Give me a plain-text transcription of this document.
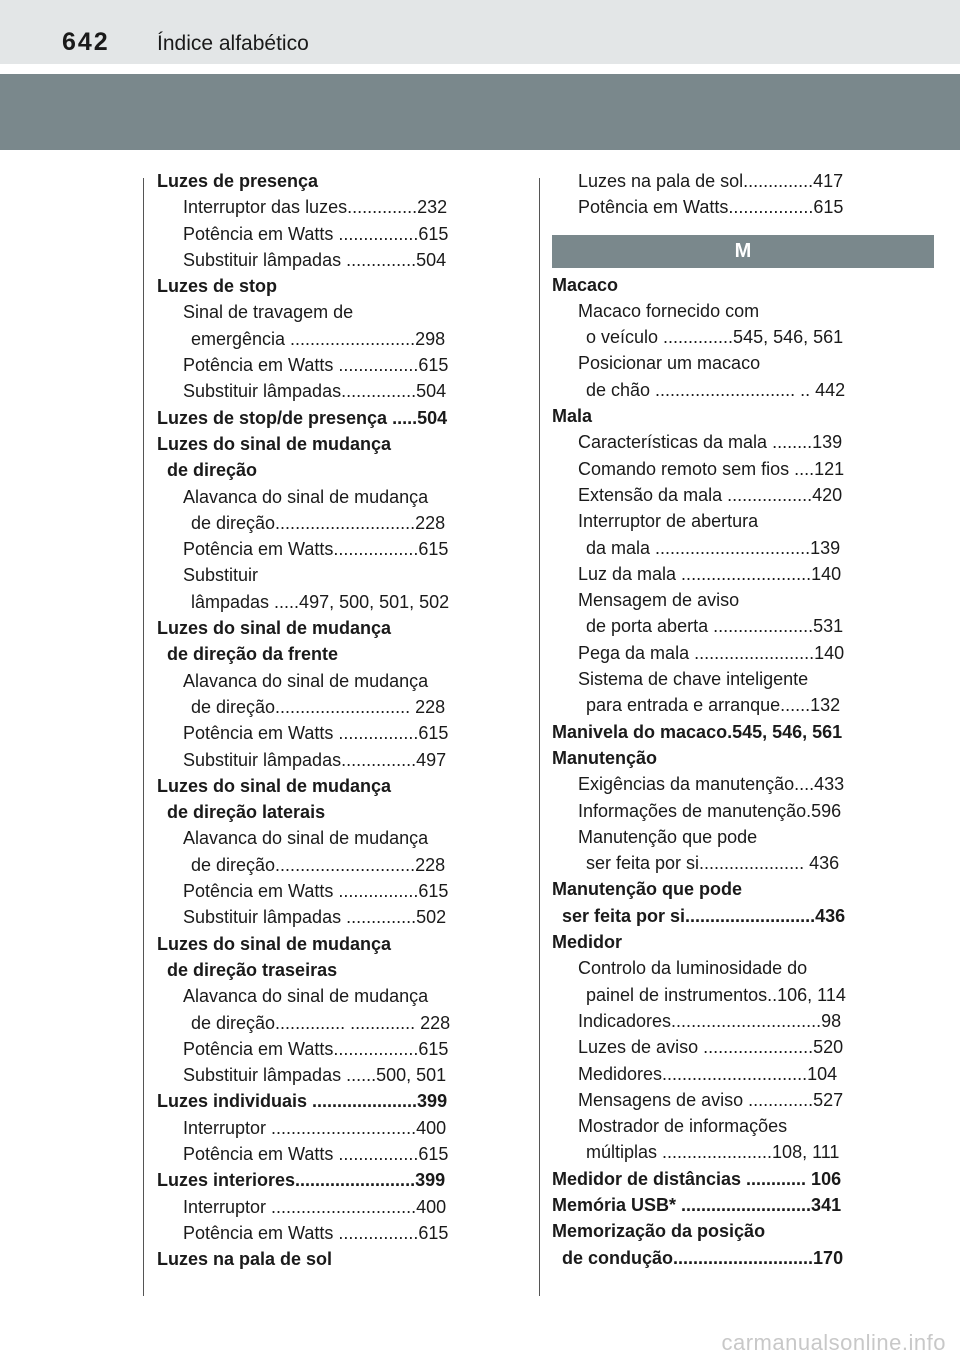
642 Índice alfabético
Luzes de presença
Interruptor das luzes..............232
Potência em Watts ................615
Substituir lâmpadas ..............504
Luzes de stop
Sinal de travagem de
emergência .........................298
Potência em Watts ................615
Substituir lâmpadas...............504
Luzes de stop/de presença .....504
Luzes do sinal de mudança
de direção
Alavanca do sinal de mudança
de direção............................228
Potência em Watts.................615
Substituir
lâmpadas .....497, 500, 501, 502
Luzes do sinal de mudança
de direção da frente
Alavanca do sinal de mudança
de direção........................... 228
Potência em Watts ................615
Substituir lâmpadas...............497
Luzes do sinal de mudança
de direção laterais
Alavanca do sinal de mudança
de direção............................228
Potência em Watts ................615
Substituir lâmpadas ..............502
Luzes do sinal de mudança
de direção traseiras
Alavanca do sinal de mudança
de direção.............. ............. 228
Potência em Watts.................615
Substituir lâmpadas ......500, 501
Luzes individuais .....................399
Interruptor .............................400
Potência em Watts ................615
Luzes interiores........................399
Interruptor .............................400
Potência em Watts ................615
Luzes na pala de sol
Luzes na pala de sol..............417
Potência em Watts.................615
M
Macaco
Macaco fornecido com
o veículo ..............545, 546, 561
Posicionar um macaco
de chão ............................ .. 442
Mala
Características da mala ........139
Comando remoto sem fios ....121
Extensão da mala .................420
Interruptor de abertura
da mala ...............................139
Luz da mala ..........................140
Mensagem de aviso
de porta aberta ....................531
Pega da mala ........................140
Sistema de chave inteligente
para entrada e arranque......132
Manivela do macaco.545, 546, 561
Manutenção
Exigências da manutenção....433
Informações de manutenção.596
Manutenção que pode
ser feita por si..................... 436
Manutenção que pode
ser feita por si..........................436
Medidor
Controlo da luminosidade do
painel de instrumentos..106, 114
Indicadores..............................98
Luzes de aviso ......................520
Medidores.............................104
Mensagens de aviso .............527
Mostrador de informações
múltiplas ......................108, 111
Medidor de distâncias ............ 106
Memória USB* ..........................341
Memorização da posição
de condução............................170
carmanualsonline.info
